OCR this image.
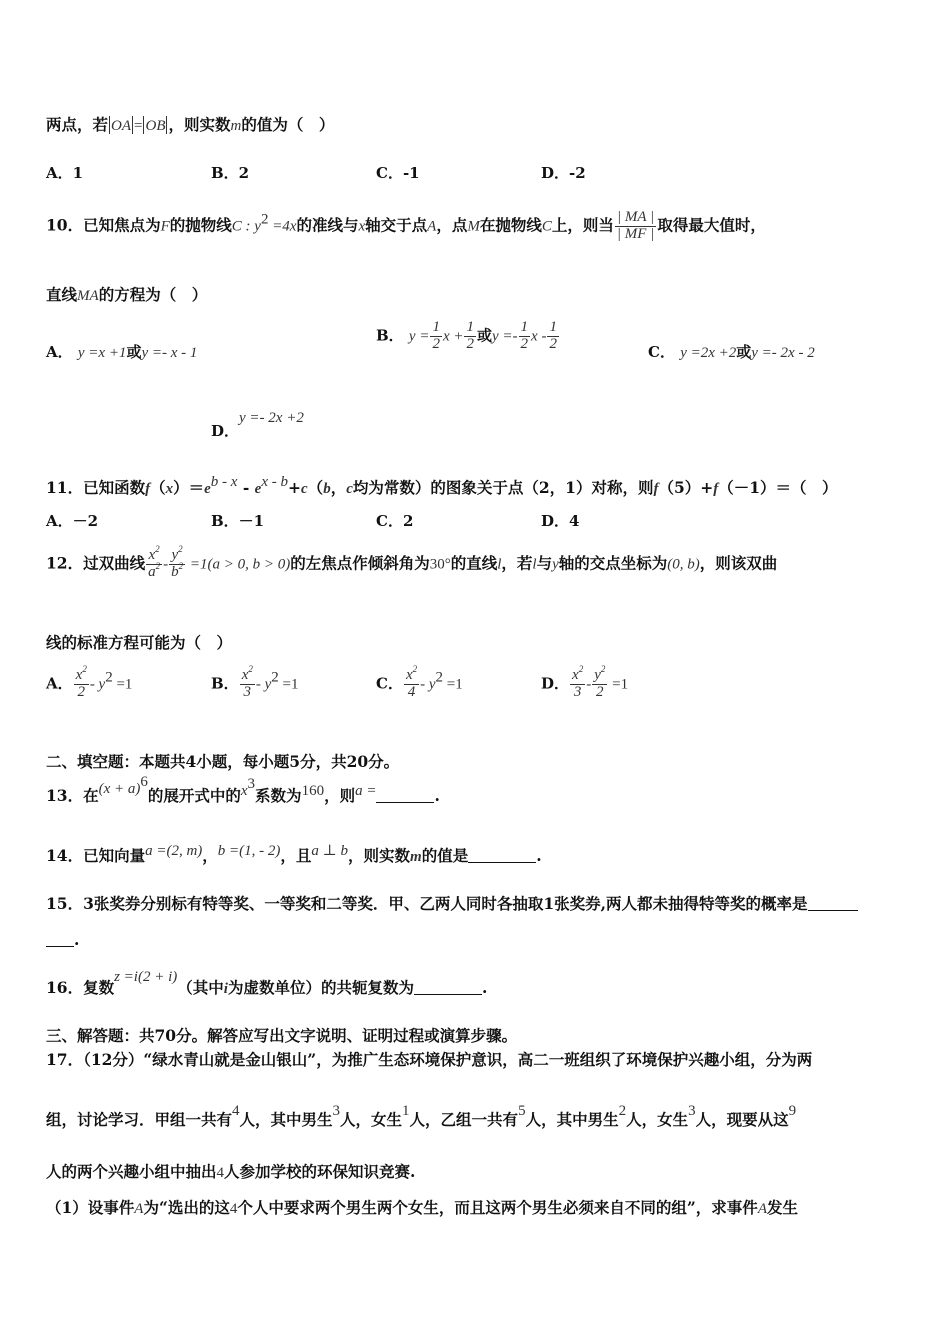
两点，若 OA = OB ，则实数m的值为（　）
A．1	B．2	C．-1	D．-2
10．已知焦点为F的抛物线C : $y^2 =4x$的准线与x轴交于点A，点M在抛物线C上，则当 $\frac{| MA |}{| MF |}$ 取得最大值时，
直线MA的方程为（　）
A． y =x +1或y =- x - 1
B． $y = \frac{1}{2}$ $x + \frac{1}{2}$ 或$y =- \frac{1}{2}$ x - $\frac{1}{2}$	C． y =2x +2或y =- 2x - 2
D．y =- 2x +2
11．已知函数$f(x)=e^{b - x} - e^{x - b}+c(b$，c均为常数）的图象关于点（2，1）对称，则f（5）+f（－1）＝（　）
A．－2	B．－1	C．2	D．4
12．过双曲线 $\frac{x^2}{a^2} - \frac{y^2}{b^2} =1(a > 0$, b > 0)的左焦点作倾斜角为30°的直线l，若l与y轴的交点坐标为(0, b)，则该双曲
线的标准方程可能为（　）
A． $\frac{x^2}{2} - y^2 =1$	B． $\frac{x^2}{3} - y^2 =1$	C． $\frac{x^2}{4} - y^2 =1$	D． $\frac{x^2}{3} - \frac{y^2}{2} =1$
二、填空题：本题共4小题，每小题5分，共20分。
13．在$(x + a)^6$的展开式中的$x^3$系数为160，则a =	.
14．已知向量a =(2, m)，b =(1, - 2)，且a ⊥ b，则实数m的值是	.
15．3张奖券分别标有特等奖、一等奖和二等奖．甲、乙两人同时各抽取1张奖券,两人都未抽得特等奖的概率是
.
16．复数z =i(2 + i)（其中i为虚数单位）的共轭复数为	.
三、解答题：共70分。解答应写出文字说明、证明过程或演算步骤。
17．（12分）“绿水青山就是金山银山”，为推广生态环境保护意识，高二一班组织了环境保护兴趣小组，分为两
组，讨论学习．甲组一共有4人，其中男生3人，女生1人，乙组一共有5人，其中男生2人，女生3人，现要从这9
人的两个兴趣小组中抽出4人参加学校的环保知识竞赛.
（1）设事件A为“选出的这4个人中要求两个男生两个女生，而且这两个男生必须来自不同的组”，求事件A发生
